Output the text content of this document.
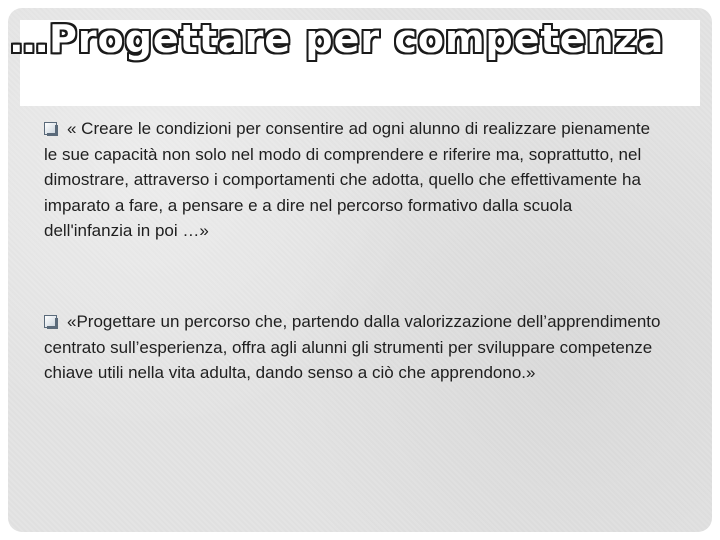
…Progettare per competenza

« Creare le condizioni per consentire ad ogni alunno di realizzare pienamente le sue capacità non solo nel modo di comprendere e riferire ma, soprattutto, nel dimostrare, attraverso i comportamenti che adotta, quello che effettivamente ha imparato a fare, a pensare e a dire nel percorso formativo dalla scuola dell'infanzia in poi …»

«Progettare un percorso che, partendo dalla valorizzazione dell’apprendimento centrato sull’esperienza, offra agli alunni gli strumenti per sviluppare competenze chiave utili nella vita adulta, dando senso a ciò che apprendono.»
